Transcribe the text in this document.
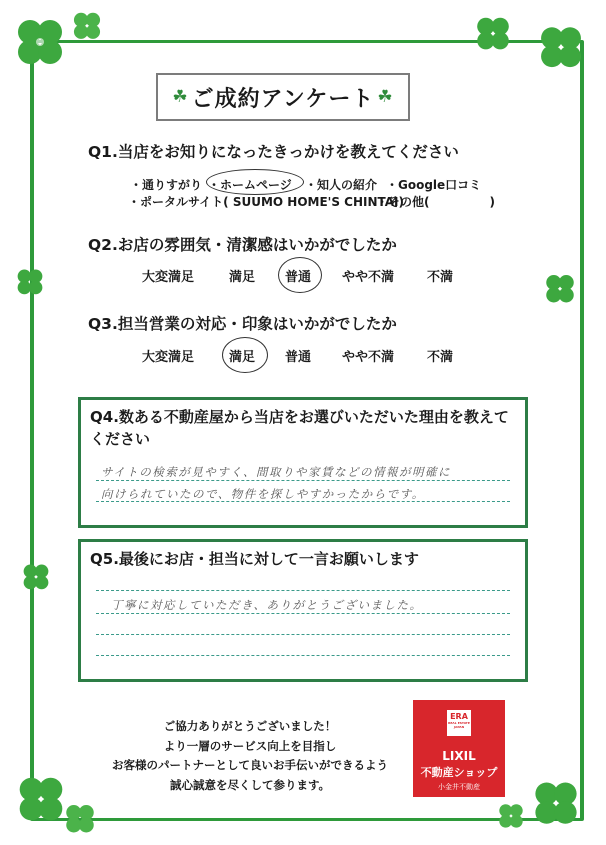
☘ ご成約アンケート ☘
Q1.当店をお知りになったきっかけを教えてください
・通りすがり ・ホームページ ・知人の紹介 ・Google口コミ
・ポータルサイト( SUUMO HOME'S CHINTAI)
・その他(　　　　　)
Q2.お店の雰囲気・清潔感はいかがでしたか
大変満足	満足 普通 やや不満	不満
Q3.担当営業の対応・印象はいかがでしたか
大変満足	満足 普通 やや不満	不満
Q4.数ある不動産屋から当店をお選びいただいた理由を教えて
ください
サイトの検索が見やすく、間取りや家賃などの情報が明確に
向けられていたので、物件を探しやすかったからです。
Q5.最後にお店・担当に対して一言お願いします
丁寧に対応していただき、ありがとうございました。
ご協力ありがとうございました！
より一層のサービス向上を目指し
お客様のパートナーとして良いお手伝いができるよう
誠心誠意を尽くして参ります。
ERA
REAL ESTATE JAPAN
LIXIL
不動産ショップ
小金井不動産
